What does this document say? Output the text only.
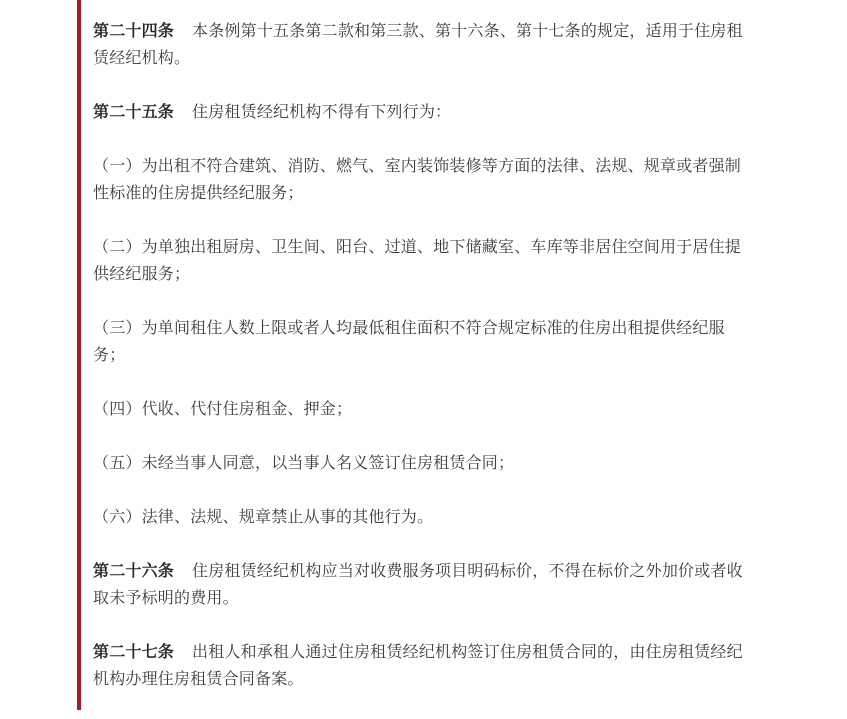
第二十四条 本条例第十五条第二款和第三款、第十六条、第十七条的规定，适用于住房租赁经纪机构。

第二十五条 住房租赁经纪机构不得有下列行为：

（一）为出租不符合建筑、消防、燃气、室内装饰装修等方面的法律、法规、规章或者强制性标准的住房提供经纪服务；

（二）为单独出租厨房、卫生间、阳台、过道、地下储藏室、车库等非居住空间用于居住提供经纪服务；

（三）为单间租住人数上限或者人均最低租住面积不符合规定标准的住房出租提供经纪服务；

（四）代收、代付住房租金、押金；

（五）未经当事人同意，以当事人名义签订住房租赁合同；

（六）法律、法规、规章禁止从事的其他行为。

第二十六条 住房租赁经纪机构应当对收费服务项目明码标价，不得在标价之外加价或者收取未予标明的费用。

第二十七条 出租人和承租人通过住房租赁经纪机构签订住房租赁合同的，由住房租赁经纪机构办理住房租赁合同备案。
